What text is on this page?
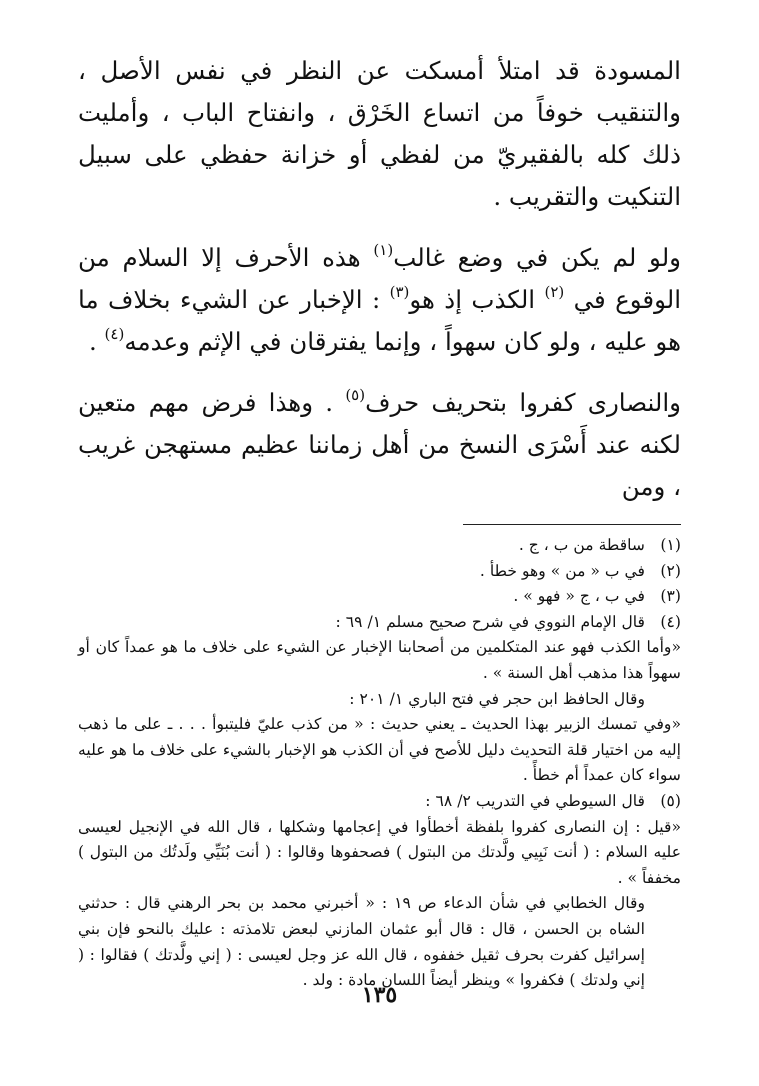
المسودة قد امتلأ أمسكت عن النظر في نفس الأصل ، والتنقيب خوفاً من اتساع الخَرْق ، وانفتاح الباب ، وأمليت ذلك كله بالفقيريّ من لفظي أو خزانة حفظي على سبيل التنكيت والتقريب .

ولو لم يكن في وضع غالب$^{(١)}$ هذه الأحرف إلا السلام من الوقوع في $^{(٢)}$ الكذب إذ هو$^{(٣)}$ : الإخبار عن الشيء بخلاف ما هو عليه ، ولو كان سهواً ، وإنما يفترقان في الإثم وعدمه$^{(٤)}$ .

والنصارى كفروا بتحريف حرف$^{(٥)}$ . وهذا فرض مهم متعين لكنه عند أَسْرَى النسخ من أهل زماننا عظيم مستهجن غريب ، ومن

(١)
ساقطة من ب ، ج .
(٢)
في ب « من » وهو خطأ .
(٣)
في ب ، ج « فهو » .
(٤)
قال الإمام النووي في شرح صحيح مسلم ١/ ٦٩ :
«وأما الكذب فهو عند المتكلمين من أصحابنا الإخبار عن الشيء على خلاف ما هو عمداً كان أو سهواً هذا مذهب أهل السنة » .
وقال الحافظ ابن حجر في فتح الباري ١/ ٢٠١ :
«وفي تمسك الزبير بهذا الحديث ـ يعني حديث : « من كذب عليّ فليتبوأ . . . ـ على ما ذهب إليه من اختيار قلة التحديث دليل للأصح في أن الكذب هو الإخبار بالشيء على خلاف ما هو عليه سواء كان عمداً أم خطأً .
(٥)
قال السيوطي في التدريب ٢/ ٦٨ :
«قيل : إن النصارى كفروا بلفظة أخطأوا في إعجامها وشكلها ، قال الله في الإنجيل لعيسى عليه السلام : ( أنت نَبِيي ولَّدتك من البتول ) فصحفوها وقالوا : ( أنت بُنَيِّي ولَدتُك من البتول ) مخففاً » .
وقال الخطابي في شأن الدعاء ص ١٩ : « أخبرني محمد بن بحر الرهني قال : حدثني الشاه بن الحسن ، قال : قال أبو عثمان المازني لبعض تلامذته : عليك بالنحو فإن بني إسرائيل كفرت بحرف ثقيل خففوه ، قال الله عز وجل لعيسى : ( إني ولَّدتك ) فقالوا : ( إني ولدتك ) فكفروا » وينظر أيضاً اللسان مادة : ولد .
١٣٥
